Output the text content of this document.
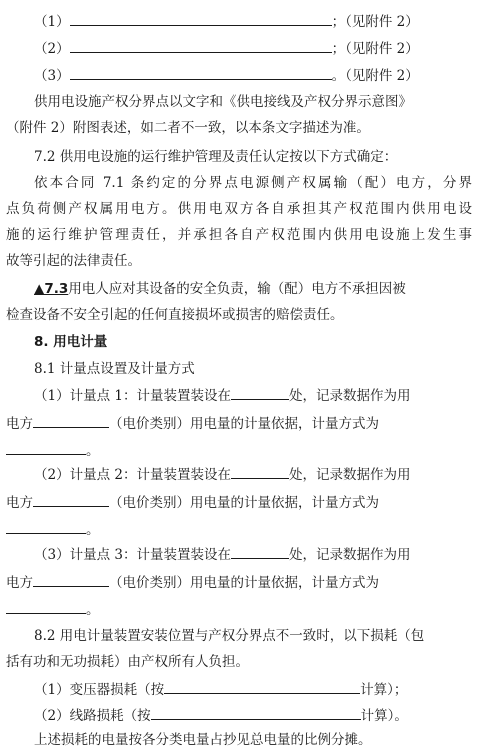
（1）	；（见附件 2）
（2）	；（见附件 2）
（3）	。（见附件 2）
供用电设施产权分界点以文字和《供电接线及产权分界示意图》
（附件 2）附图表述，如二者不一致，以本条文字描述为准。
7.2 供用电设施的运行维护管理及责任认定按以下方式确定：
依本合同 7.1 条约定的分界点电源侧产权属输（配）电方，分界
点负荷侧产权属用电方。供用电双方各自承担其产权范围内供用电设
施的运行维护管理责任，并承担各自产权范围内供用电设施上发生事
故等引起的法律责任。
▲7.3用电人应对其设备的安全负责，输（配）电方不承担因被
检查设备不安全引起的任何直接损坏或损害的赔偿责任。
8. 用电计量
8.1 计量点设置及计量方式
（1）计量点 1：计量装置装设在	处，记录数据作为用
电方	（电价类别）用电量的计量依据，计量方式为
。
（2）计量点 2：计量装置装设在	处，记录数据作为用
电方	（电价类别）用电量的计量依据，计量方式为
。
（3）计量点 3：计量装置装设在	处，记录数据作为用
电方	（电价类别）用电量的计量依据，计量方式为
。
8.2 用电计量装置安装位置与产权分界点不一致时，以下损耗（包
括有功和无功损耗）由产权所有人负担。
（1）变压器损耗（按	计算）；
（2）线路损耗（按	计算）。
上述损耗的电量按各分类电量占抄见总电量的比例分摊。
